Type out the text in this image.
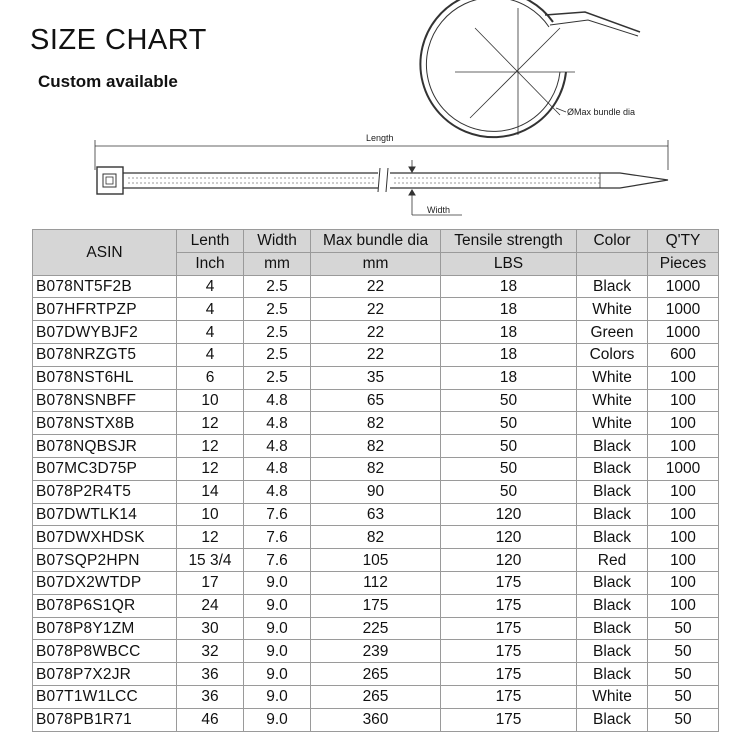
SIZE CHART
Custom available
ØMax bundle dia
Length
Width
ASIN	Lenth	Width	Max bundle dia	Tensile strength	Color	Q'TY
	Inch	mm	mm	LBS		Pieces
B078NT5F2B	4	2.5	22	18	Black	1000
B07HFRTPZP	4	2.5	22	18	White	1000
B07DWYBJF2	4	2.5	22	18	Green	1000
B078NRZGT5	4	2.5	22	18	Colors	600
B078NST6HL	6	2.5	35	18	White	100
B078NSNBFF	10	4.8	65	50	White	100
B078NSTX8B	12	4.8	82	50	White	100
B078NQBSJR	12	4.8	82	50	Black	100
B07MC3D75P	12	4.8	82	50	Black	1000
B078P2R4T5	14	4.8	90	50	Black	100
B07DWTLK14	10	7.6	63	120	Black	100
B07DWXHDSK	12	7.6	82	120	Black	100
B07SQP2HPN	15 3/4	7.6	105	120	Red	100
B07DX2WTDP	17	9.0	112	175	Black	100
B078P6S1QR	24	9.0	175	175	Black	100
B078P8Y1ZM	30	9.0	225	175	Black	50
B078P8WBCC	32	9.0	239	175	Black	50
B078P7X2JR	36	9.0	265	175	Black	50
B07T1W1LCC	36	9.0	265	175	White	50
B078PB1R71	46	9.0	360	175	Black	50
